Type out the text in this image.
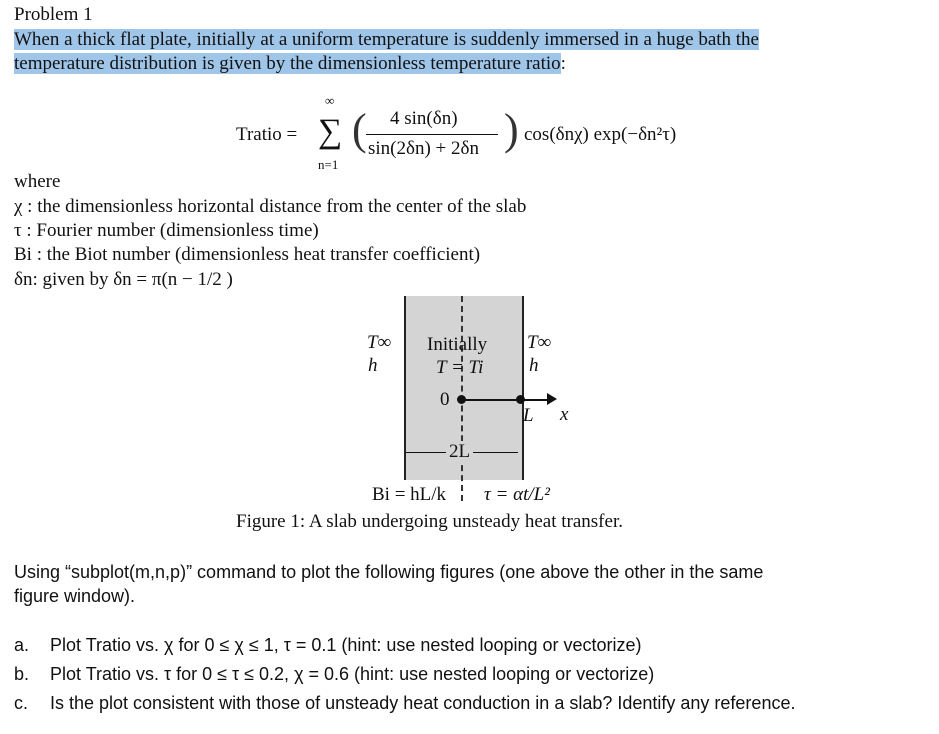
Problem 1
When a thick flat plate, initially at a uniform temperature is suddenly immersed in a huge bath the
temperature distribution is given by the dimensionless temperature ratio:
Tratio =
∞
∑
n=1
( 4 sin(δn)
sin(2δn) + 2δn ) cos(δnχ) exp(−δn²τ)
where
χ : the dimensionless horizontal distance from the center of the slab
τ : Fourier number (dimensionless time)
Bi : the Biot number (dimensionless heat transfer coefficient)
δn: given by δn = π(n − 1/2 )
T∞
h
T∞
h
Initially
T = Ti
0
L x
2L
Bi = hL/k τ = αt/L²
Figure 1: A slab undergoing unsteady heat transfer.
Using “subplot(m,n,p)” command to plot the following figures (one above the other in the same
figure window).
a. Plot Tratio vs. χ for 0 ≤ χ ≤ 1, τ = 0.1 (hint: use nested looping or vectorize)
b. Plot Tratio vs. τ for 0 ≤ τ ≤ 0.2, χ = 0.6 (hint: use nested looping or vectorize)
c. Is the plot consistent with those of unsteady heat conduction in a slab? Identify any reference.
